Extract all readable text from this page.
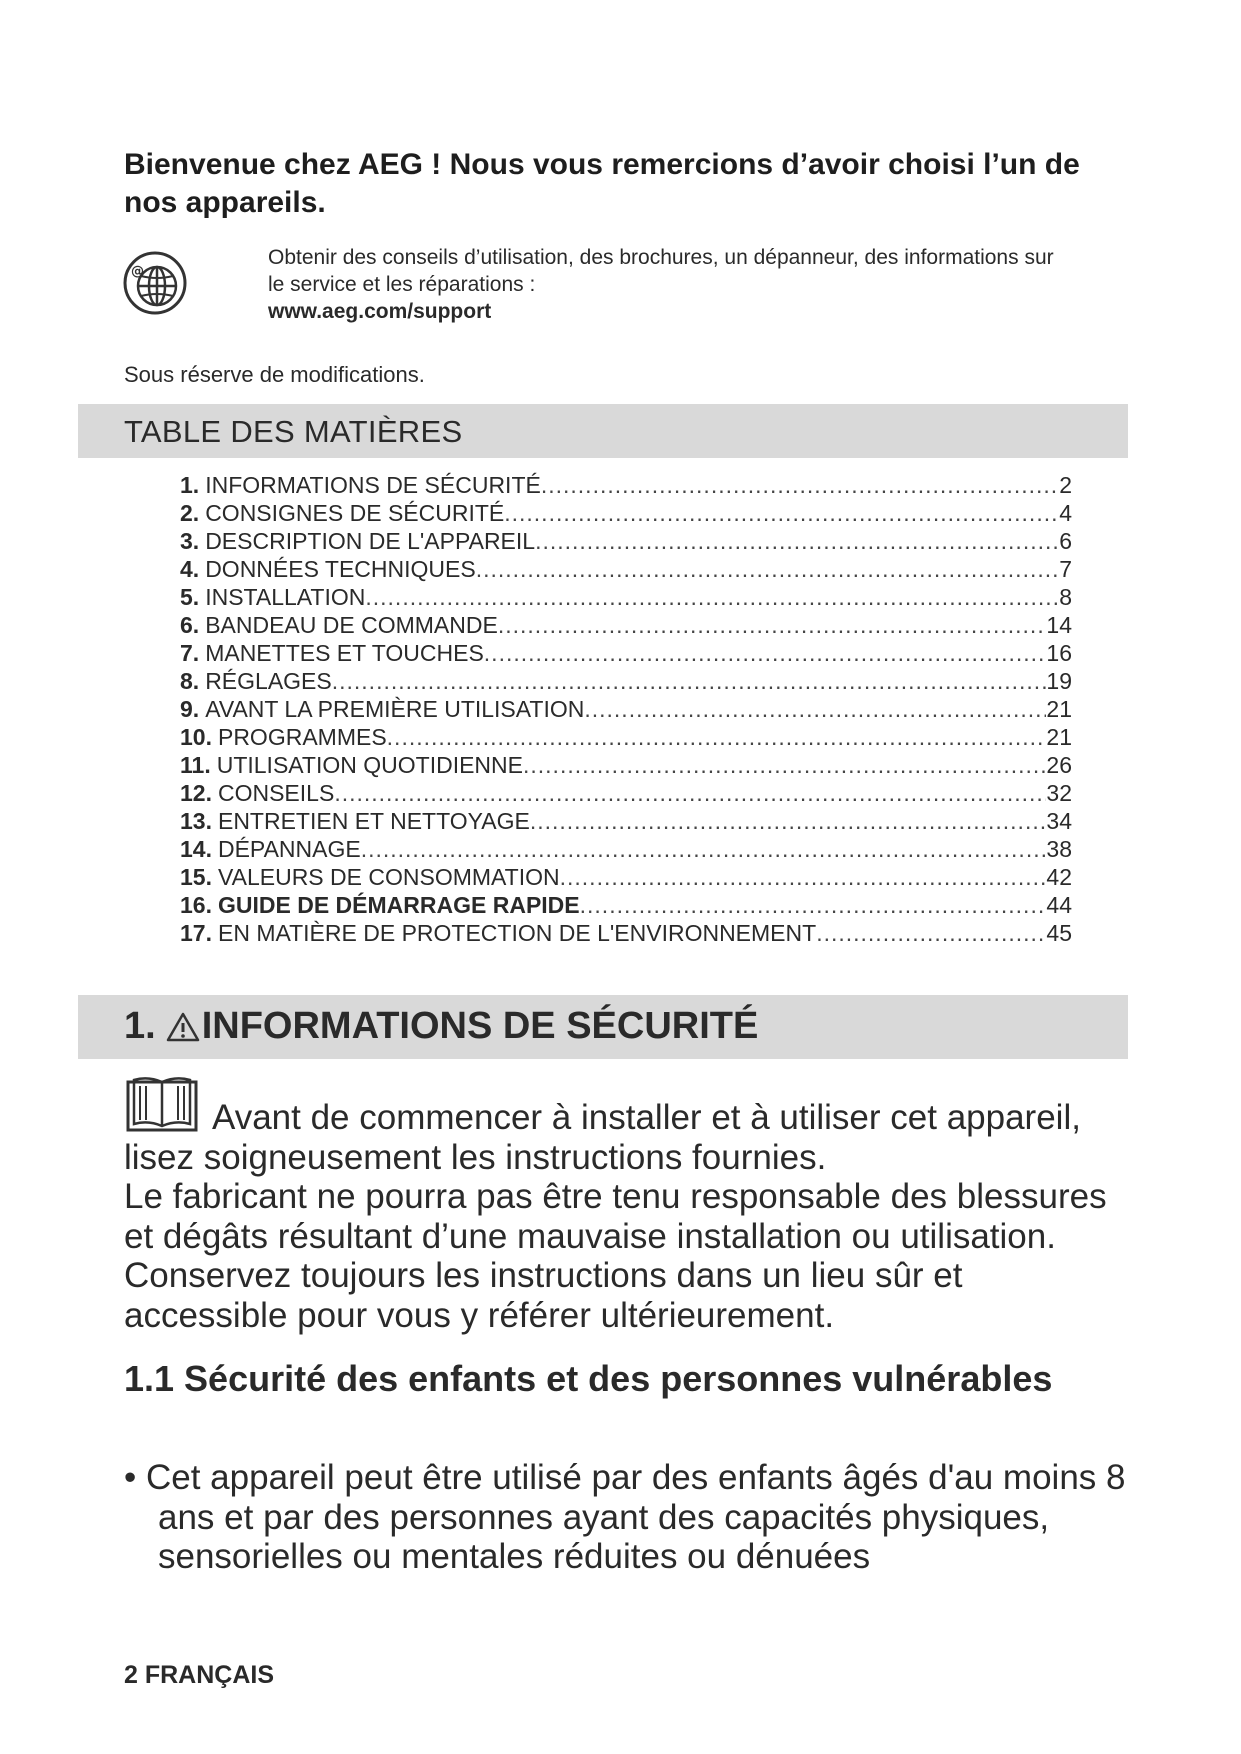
Bienvenue chez AEG ! Nous vous remercions d’avoir choisi l’un de nos appareils.
@
Obtenir des conseils d’utilisation, des brochures, un dépanneur, des informations sur
le service et les réparations :
www.aeg.com/support
Sous réserve de modifications.
TABLE DES MATIÈRES
1. INFORMATIONS DE SÉCURITÉ .....	2
2. CONSIGNES DE SÉCURITÉ .....	4
3. DESCRIPTION DE L'APPAREIL .....	6
4. DONNÉES TECHNIQUES .....	7
5. INSTALLATION .....	8
6. BANDEAU DE COMMANDE .....	14
7. MANETTES ET TOUCHES .....	16
8. RÉGLAGES .....	19
9. AVANT LA PREMIÈRE UTILISATION .....	21
10. PROGRAMMES .....	21
11. UTILISATION QUOTIDIENNE .....	26
12. CONSEILS .....	32
13. ENTRETIEN ET NETTOYAGE .....	34
14. DÉPANNAGE .....	38
15. VALEURS DE CONSOMMATION .....	42
16. GUIDE DE DÉMARRAGE RAPIDE .....	44
17. EN MATIÈRE DE PROTECTION DE L'ENVIRONNEMENT .....	45
1. INFORMATIONS DE SÉCURITÉ
Avant de commencer à installer et à utiliser cet appareil, lisez soigneusement les instructions fournies.
Le fabricant ne pourra pas être tenu responsable des blessures et dégâts résultant d’une mauvaise installation ou utilisation. Conservez toujours les instructions dans un lieu sûr et accessible pour vous y référer ultérieurement.
1.1 Sécurité des enfants et des personnes vulnérables
• Cet appareil peut être utilisé par des enfants âgés d'au moins 8 ans et par des personnes ayant des capacités physiques, sensorielles ou mentales réduites ou dénuées
2 FRANÇAIS
